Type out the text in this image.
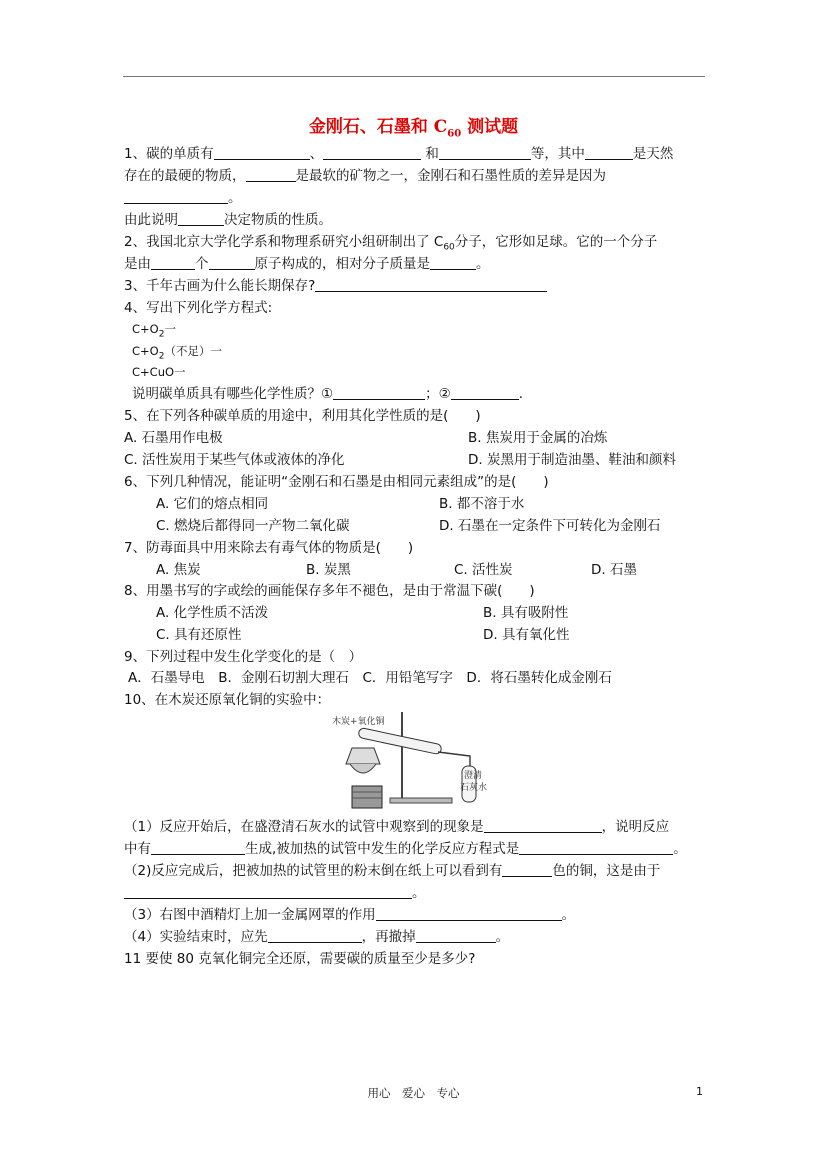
金刚石、石墨和 $C_{60}$ 测试题
1、碳的单质有	、	和	等，其中	是天然
存在的最硬的物质，	是最软的矿物之一，金刚石和石墨性质的差异是因为
。
由此说明	决定物质的性质。
2、我国北京大学化学系和物理系研究小组研制出了 $C_{60}$分子，它形如足球。它的一个分子
是由	个	原子构成的，相对分子质量是	。
3、千年古画为什么能长期保存?
4、写出下列化学方程式:
$C+O_2$一
$C+O_2$（不足）一
C+CuO一
说明碳单质具有哪些化学性质？①	；②	.
5、在下列各种碳单质的用途中，利用其化学性质的是(　　)
A. 石墨用作电极	B. 焦炭用于金属的冶炼
C. 活性炭用于某些气体或液体的净化	D. 炭黑用于制造油墨、鞋油和颜料
6、下列几种情况，能证明“金刚石和石墨是由相同元素组成”的是(　　)
A. 它们的熔点相同	B. 都不溶于水
C. 燃烧后都得同一产物二氧化碳	D. 石墨在一定条件下可转化为金刚石
7、防毒面具中用来除去有毒气体的物质是(　　)
A. 焦炭	B. 炭黑	C. 活性炭	D. 石墨
8、用墨书写的字或绘的画能保存多年不褪色，是由于常温下碳(　　)
A. 化学性质不活泼	B. 具有吸附性
C. 具有还原性	D. 具有氧化性
9、下列过程中发生化学变化的是（　）
A．石墨导电　B．金刚石切割大理石　C．用铅笔写字　D．将石墨转化成金刚石
10、在木炭还原氧化铜的实验中：
木炭+氧化铜
澄清
石灰水
（1）反应开始后，在盛澄清石灰水的试管中观察到的现象是	，说明反应
中有	生成,被加热的试管中发生的化学反应方程式是	。
（2)反应完成后，把被加热的试管里的粉末倒在纸上可以看到有	色的铜，这是由于
。
（3）右图中酒精灯上加一金属网罩的作用	。
（4）实验结束时，应先	，再撤掉	。
11 要使 80 克氧化铜完全还原，需要碳的质量至少是多少?
用心　爱心　专心	1
